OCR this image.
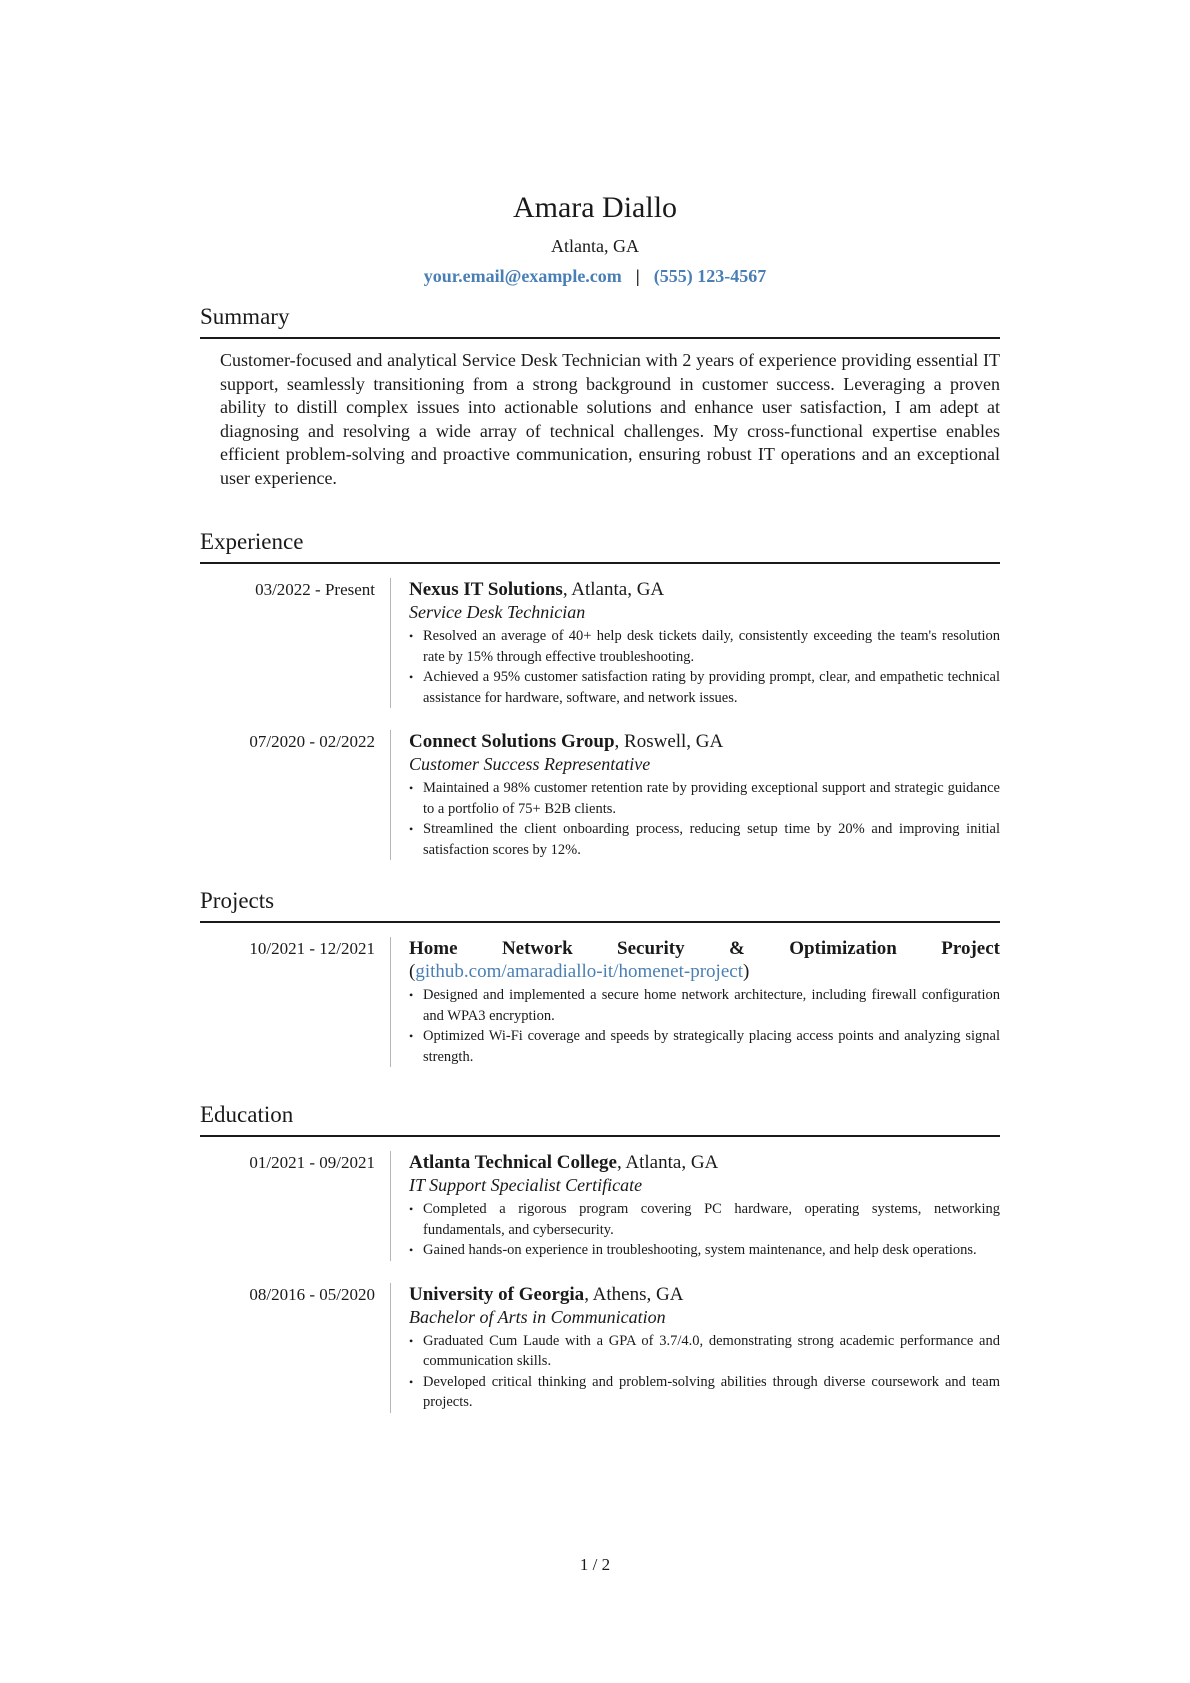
Amara Diallo
Atlanta, GA
your.email@example.com | (555) 123-4567
Summary

Customer-focused and analytical Service Desk Technician with 2 years of experience providing essential IT support, seamlessly transitioning from a strong background in customer success. Leveraging a proven ability to distill complex issues into actionable solutions and enhance user satisfaction, I am adept at diagnosing and resolving a wide array of technical challenges. My cross-functional expertise enables efficient problem-solving and proactive communication, ensuring robust IT operations and an exceptional user experience.

Experience
03/2022 - Present Nexus IT Solutions, Atlanta, GA
Service Desk Technician
• Resolved an average of 40+ help desk tickets daily, consistently exceeding the team's resolution rate by 15% through effective troubleshooting.
• Achieved a 95% customer satisfaction rating by providing prompt, clear, and empathetic technical assistance for hardware, software, and network issues.
07/2020 - 02/2022 Connect Solutions Group, Roswell, GA
Customer Success Representative
• Maintained a 98% customer retention rate by providing exceptional support and strategic guidance to a portfolio of 75+ B2B clients.
• Streamlined the client onboarding process, reducing setup time by 20% and improving initial satisfaction scores by 12%.
Projects
10/2021 - 12/2021 Home Network Security & Optimization Project (github.com/amaradiallo-it/homenet-project)
• Designed and implemented a secure home network architecture, including firewall configuration and WPA3 encryption.
• Optimized Wi-Fi coverage and speeds by strategically placing access points and analyzing signal strength.
Education
01/2021 - 09/2021 Atlanta Technical College, Atlanta, GA
IT Support Specialist Certificate
• Completed a rigorous program covering PC hardware, operating systems, networking fundamentals, and cybersecurity.
• Gained hands-on experience in troubleshooting, system maintenance, and help desk operations.
08/2016 - 05/2020 University of Georgia, Athens, GA
Bachelor of Arts in Communication
• Graduated Cum Laude with a GPA of 3.7/4.0, demonstrating strong academic performance and communication skills.
• Developed critical thinking and problem-solving abilities through diverse coursework and team projects.
1 / 2
